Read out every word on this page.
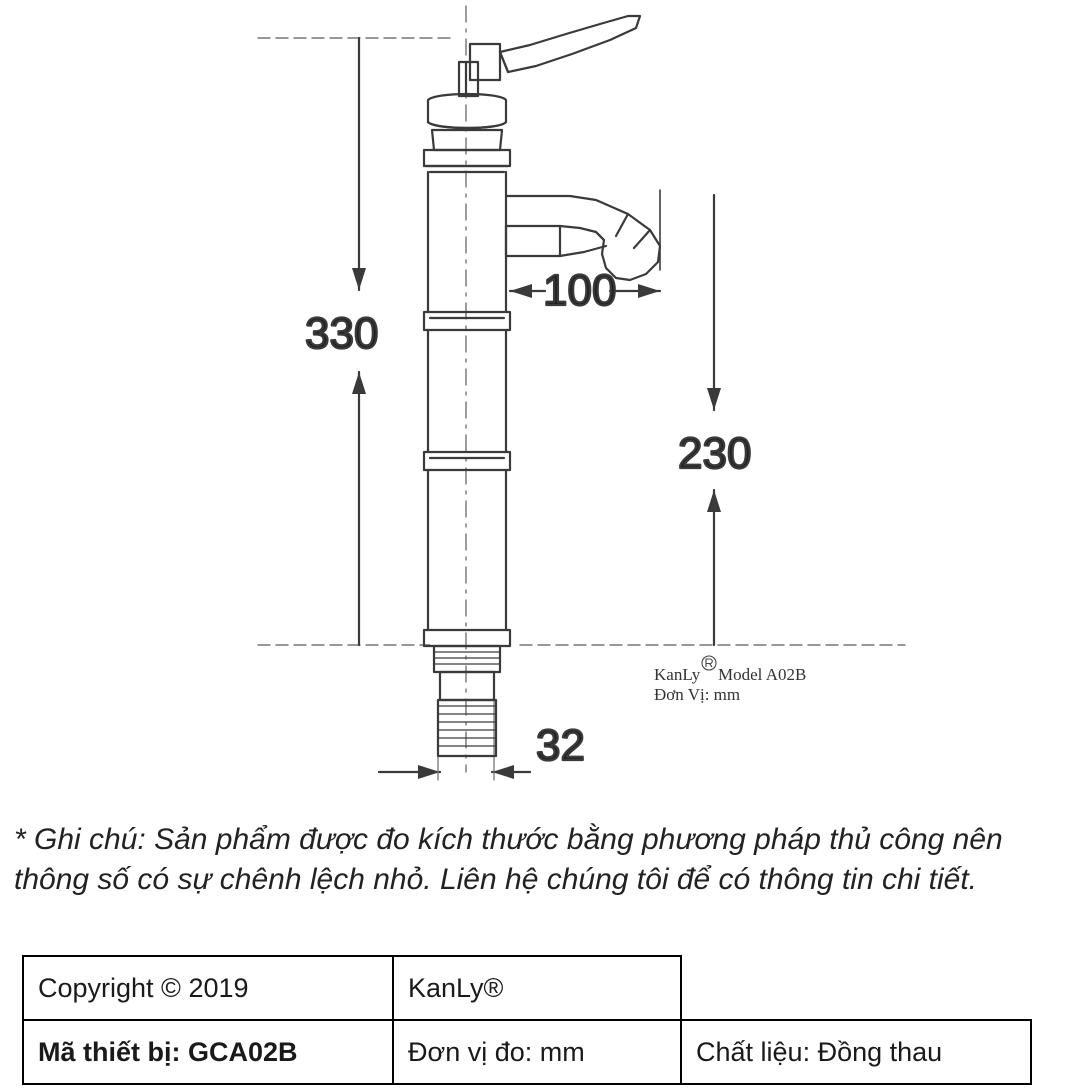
330
230
100
32
KanLy Model A02B
Đơn Vị: mm
* Ghi chú: Sản phẩm được đo kích thước bằng phương pháp thủ công nên thông số có sự chênh lệch nhỏ. Liên hệ chúng tôi để có thông tin chi tiết.
Copyright © 2019	KanLy®	
Mã thiết bị: GCA02B	Đơn vị đo: mm	Chất liệu: Đồng thau
